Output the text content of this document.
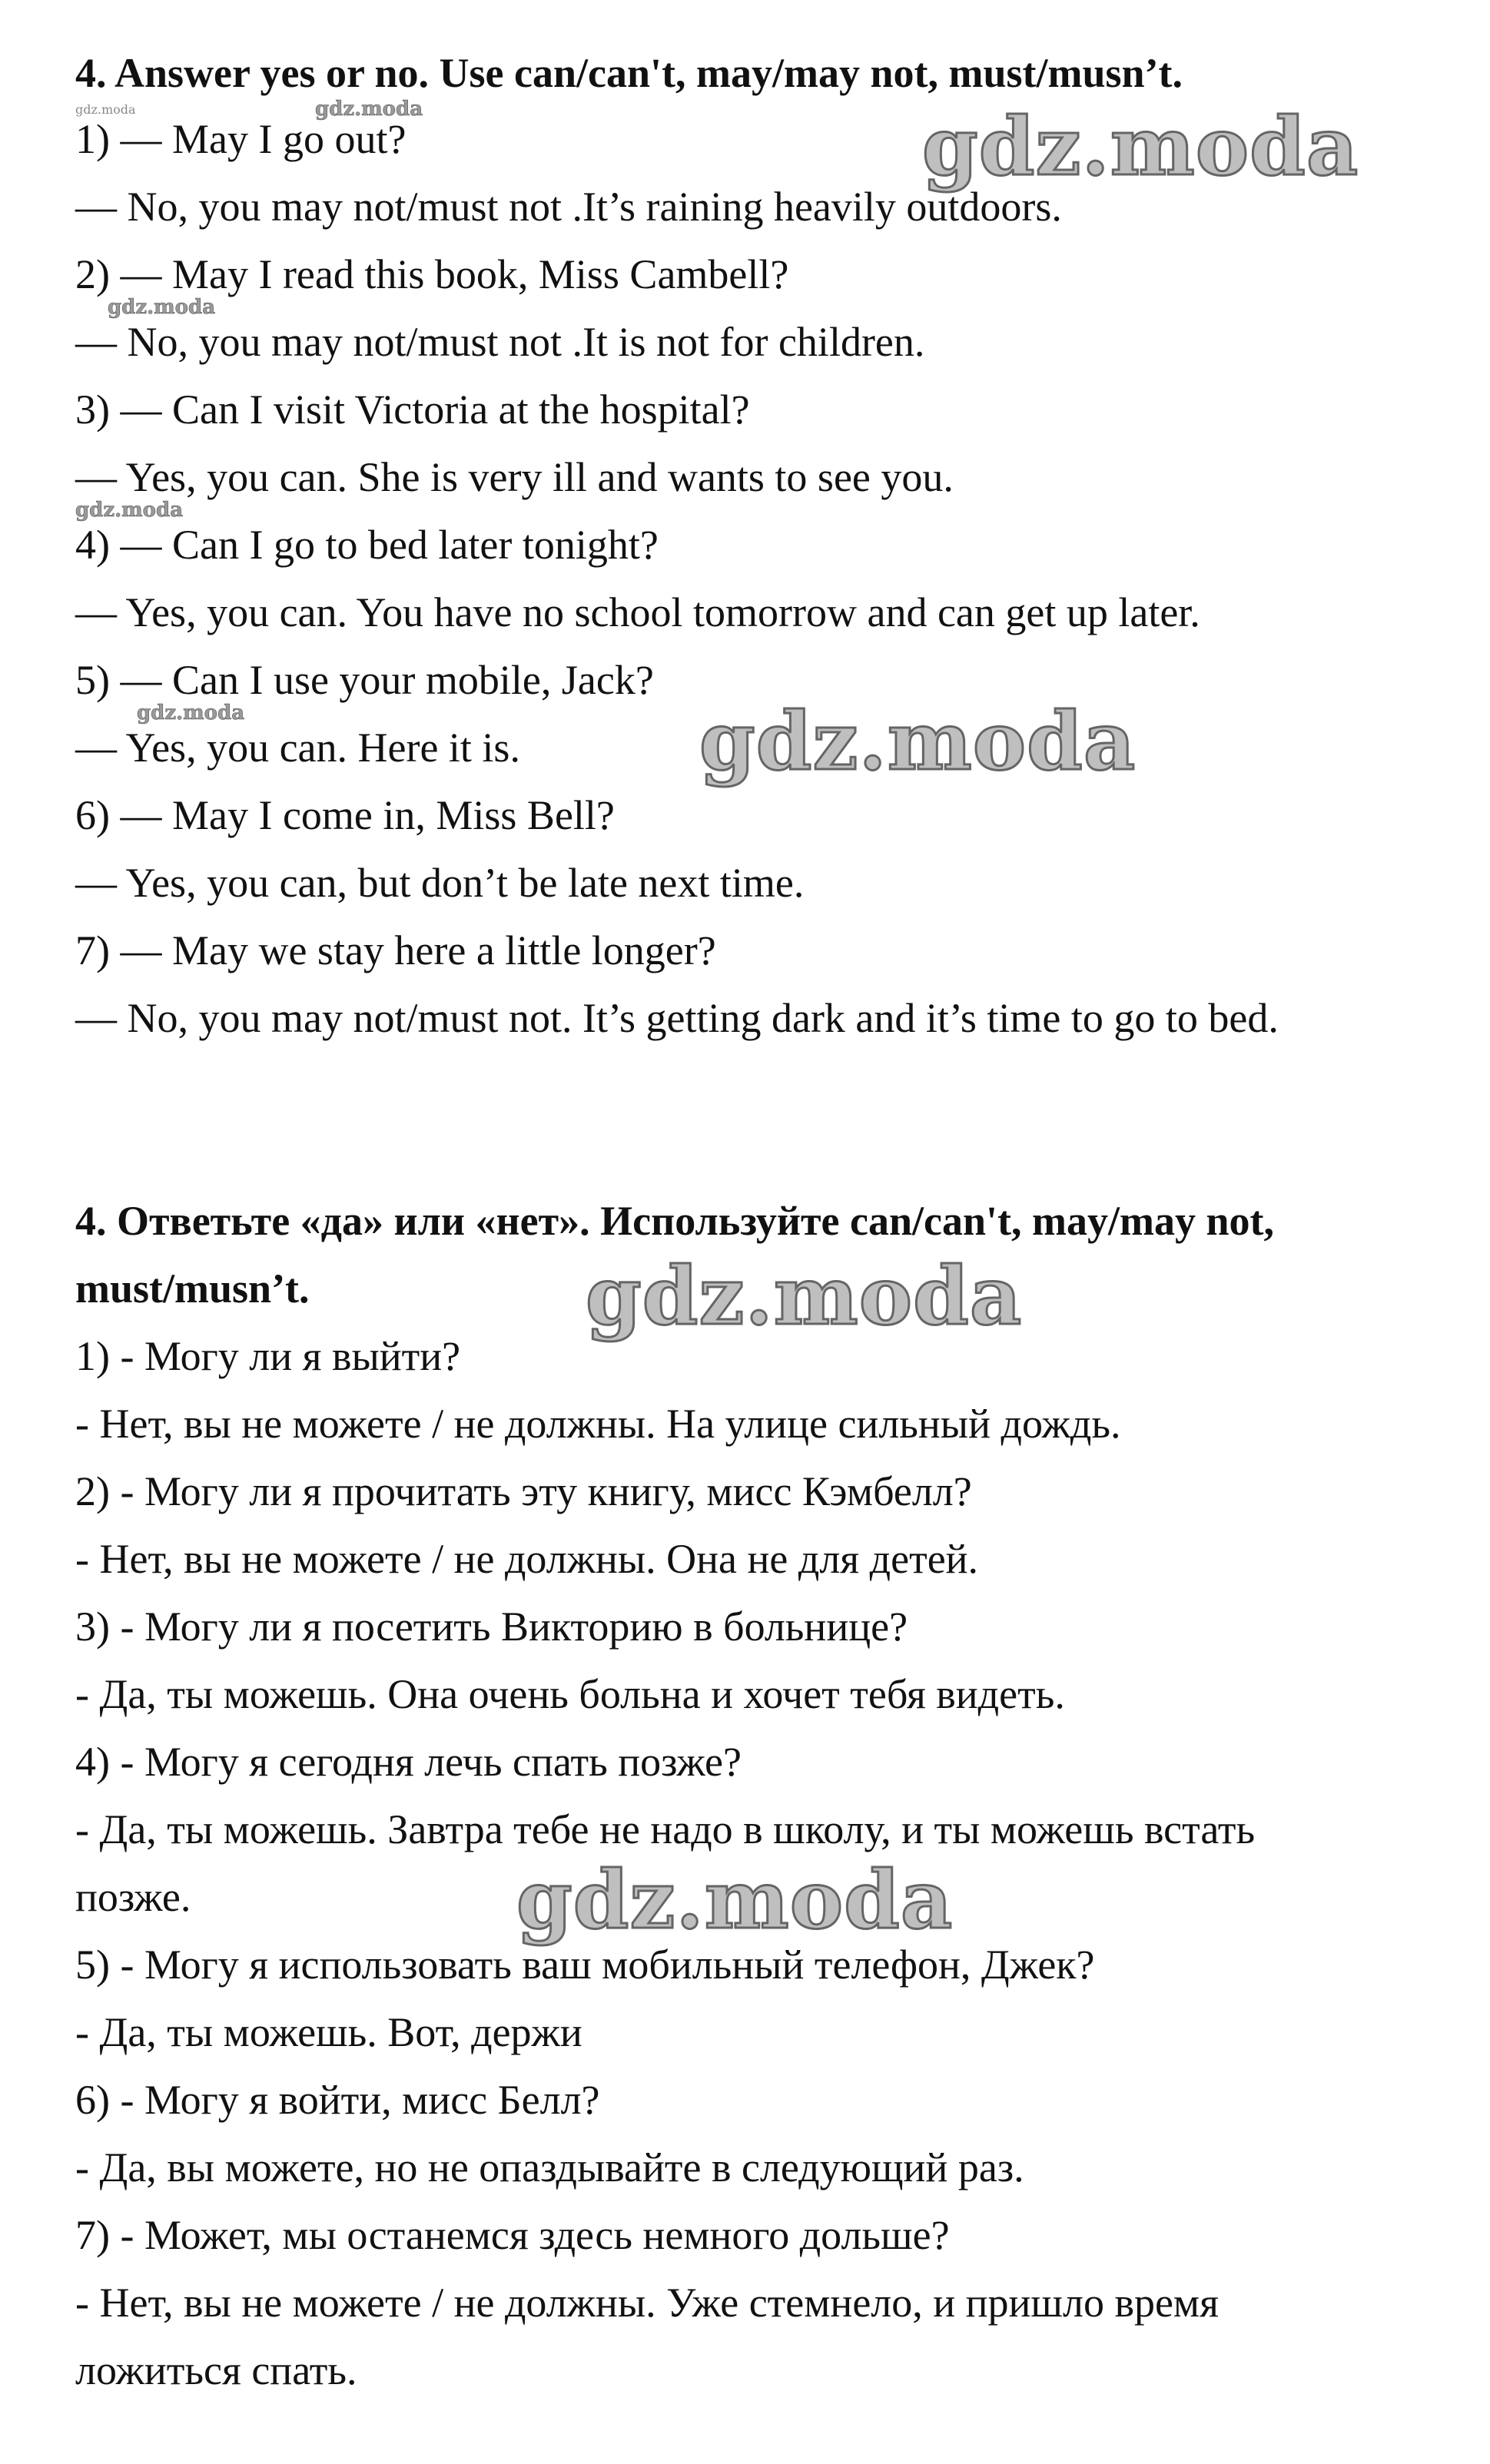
4. Answer yes or no. Use can/can't, may/may not, must/musn’t.
1) — May I go out?
— No, you may not/must not .It’s raining heavily outdoors.
2) — May I read this book, Miss Cambell?
— No, you may not/must not .It is not for children.
3) — Can I visit Victoria at the hospital?
— Yes, you can. She is very ill and wants to see you.
4) — Can I go to bed later tonight?
— Yes, you can. You have no school tomorrow and can get up later.
5) — Can I use your mobile, Jack?
— Yes, you can. Here it is.
6) — May I come in, Miss Bell?
— Yes, you can, but don’t be late next time.
7) — May we stay here a little longer?
— No, you may not/must not. It’s getting dark and it’s time to go to bed.
4. Ответьте «да» или «нет». Используйте can/can't, may/may not,
must/musn’t.
1) - Могу ли я выйти?
- Нет, вы не можете / не должны. На улице сильный дождь.
2) - Могу ли я прочитать эту книгу, мисс Кэмбелл?
- Нет, вы не можете / не должны. Она не для детей.
3) - Могу ли я посетить Викторию в больнице?
- Да, ты можешь. Она очень больна и хочет тебя видеть.
4) - Могу я сегодня лечь спать позже?
- Да, ты можешь. Завтра тебе не надо в школу, и ты можешь встать
позже.
5) - Могу я использовать ваш мобильный телефон, Джек?
- Да, ты можешь. Вот, держи
6) - Могу я войти, мисс Белл?
- Да, вы можете, но не опаздывайте в следующий раз.
7) - Может, мы останемся здесь немного дольше?
- Нет, вы не можете / не должны. Уже стемнело, и пришло время
ложиться спать.
gdz.moda
gdz.moda
gdz.moda
gdz.moda
gdz.moda
gdz.moda
gdz.moda
gdz.moda
gdz.moda
